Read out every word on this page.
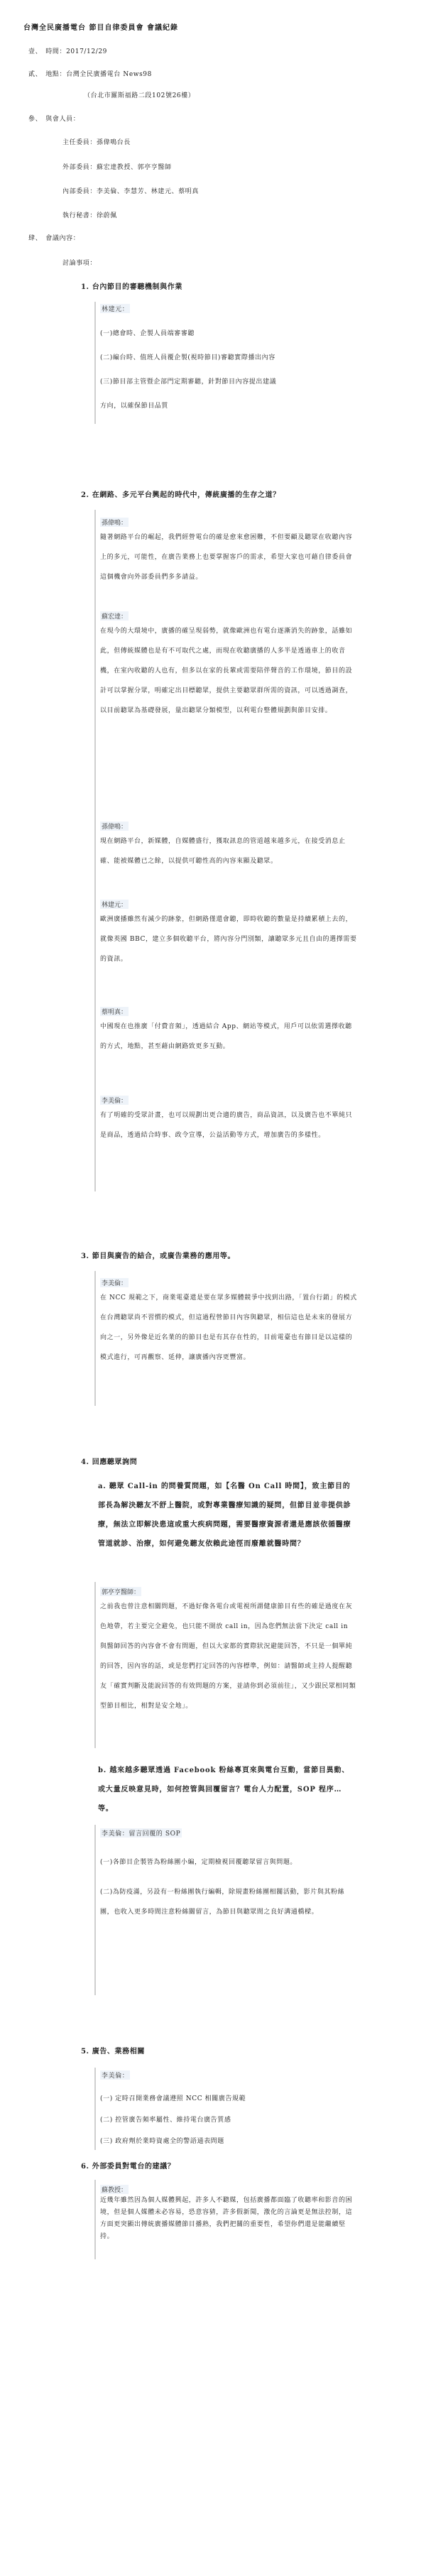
台灣全民廣播電台 節目自律委員會 會議紀錄
壹、　時間：2017/12/29
貳、　地點：台灣全民廣播電台 News98
（台北市羅斯福路二段102號26樓）
參、　與會人員：
主任委員：孫偉鳴台長
外部委員：蘇宏達教授、郭亭亨醫師
內部委員：李美倫、李慧芳、林建元、蔡明真
執行秘書：徐蔚佩
肆、　會議內容：
討論事項：
1. 台內節目的審聽機制與作業
林建元：
(一)總會時、企製人員端審審聽
(二)編台時、值班人員覆企製(視時節目)審聽實際播出內容
(三)節目部主管暨企部門定期審聽，針對節目內容提出建議
方向，以確保節目品質
2. 在網路、多元平台興起的時代中，傳統廣播的生存之道？
孫偉鳴：
隨著網路平台的崛起，我們經營電台的確是愈來愈困難，不但要顧及聽眾在收聽內容上的多元，可能性，在廣告業務上也要掌握客戶的需求，希望大家也可藉自律委員會這個機會向外部委員們多多請益。
蘇宏達：
在現今的大環境中，廣播的確呈現弱勢，就像歐洲也有電台逐漸消失的跡象，話雖如此，但傳統媒體也是有不可取代之處，而現在收聽廣播的人多半是透過車上的收音機，在室內收聽的人也有，但多以在家的長輩或需要陪伴聲音的工作環境，節目的設計可以掌握分眾，明確定出目標聽眾，提供主要聽眾群所需的資訊，可以透過調查，以目前聽眾為基礎發展，量出聽眾分類模型，以利電台整體規劃與節目安排。
孫偉鳴：
現在網路平台，新媒體，自媒體盛行，獲取訊息的管道越來越多元，在接受消息止確、能被媒體已之餘，以提供可聽性高的內容來顯及聽眾。
林建元：
歐洲廣播雖然有減少的跡象，但網路僅還會聽，即時收聽的數量是持續累積上去的，就像英國 BBC，建立多個收聽平台，將內容分門別類，讓聽眾多元且自由的選擇需要的資訊。
蔡明真：
中國現在也推廣「付費音頻」，透過結合 App、網站等模式，用戶可以依需選擇收聽的方式，地點，甚至藉由網路致更多互動。
李美倫：
有了明確的受眾計畫，也可以規劃出更合適的廣告，商品資訊，以及廣告也不單純只是商品，透過結合時事、政令宣導，公益活動等方式，增加廣告的多樣性。
3. 節目與廣告的結合，或廣告業務的應用等。
李美倫：
在 NCC 規範之下，商業電臺還是要在眾多媒體競爭中找到出路，「置台行銷」的模式在台灣聽眾尚不習慣的模式，但這過程營節目內容與聽眾，相信這也是未來的發展方向之一，另外像是近名業的的節目也是有其存在性的，目前電臺也有節目是以這樣的模式進行，可再觀察、延伸，讓廣播內容更豐富。
4. 回應聽眾詢問
a. 聽眾 Call-in 的問養質問題，如【名醫 On Call 時間】，致主節目的部長為解決聽友不舒上醫院，或對專業醫療知識的疑問，但節目並非提供診療，無法立即解決患這或重大疾病問題，需要醫療資源者還是應該依循醫療管道就診、治療，如何避免聽友依賴此途徑而廢離就醫時間？
郭亭亨醫師：
之前我也曾注意相關問題，不過好像各電台或電視所謂健康節目有些的確是過度在灰色地帶，若主要完全避免，也只能不開放 call in，因為您們無法當下決定 call in 與醫師回答的內容會不會有問題，但以大家都的實際狀況避能回答，不只是一個單純的回答，因內容的話，或是您們打定回答的內容標準，例如：請醫師或主持人提醒聽友「確實判斷及能說回答的有效問題的方案，並請你到必須前往」，又少跟民眾相同類型節目相比，相對是安全地」。
b. 越來越多聽眾透過 Facebook 粉絲專頁來與電台互動，當節目異動、或大量反映意見時，如何控管與回覆留言？電台人力配置，SOP 程序…等。
李美倫：留言回覆的 SOP
(一)各節目企製皆為粉絲團小編，定期檢視回覆聽眾留言與問題。
(二)為防疫滿，另設有一粉絲團執行編輯，除規畫粉絲團相關活動，影片與其粉絲團，也收入更多時間注意粉絲關留言，為節目與聽眾間之良好溝通橋樑。
5. 廣告、業務相關
李美倫：
(一) 定時召開業務會議遵照 NCC 相關廣告規範
(二) 控管廣告頻率屬性、維持電台廣告質感
(三) 政府劑於業時資處全的警語通表問題
6. 外部委員對電台的建議？
蘇教授：
近幾年雖然因為個人媒體興起，許多人不聽媒，包括廣播都面臨了收聽率和影音的困境，但是個人媒體未必容易，恐意容猜，許多假新聞，激化的言論更是無法控制，這方面更突顯出傳統廣播媒體節目播熟，我們把關的重要性，希望你們還是能繼續堅持。
